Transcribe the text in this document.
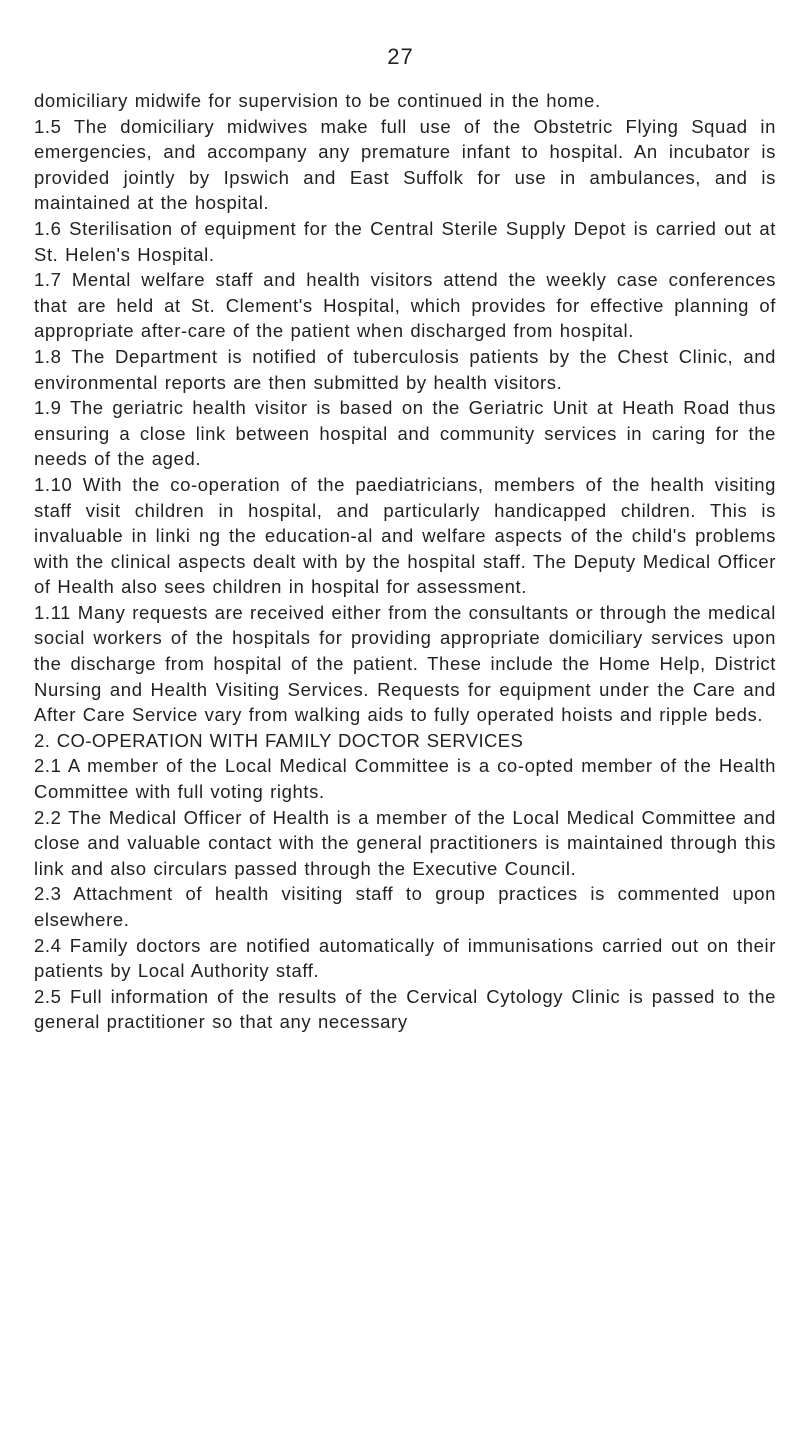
27

domiciliary midwife for supervision to be continued in the home.

1.5 The domiciliary midwives make full use of the Obstetric Flying Squad in emergencies, and accompany any premature infant to hospital. An incubator is provided jointly by Ipswich and East Suffolk for use in ambulances, and is maintained at the hospital.

1.6 Sterilisation of equipment for the Central Sterile Supply Depot is carried out at St. Helen's Hospital.

1.7 Mental welfare staff and health visitors attend the weekly case conferences that are held at St. Clement's Hospital, which provides for effective planning of appropriate after-care of the patient when discharged from hospital.

1.8 The Department is notified of tuberculosis patients by the Chest Clinic, and environmental reports are then submitted by health visitors.

1.9 The geriatric health visitor is based on the Geriatric Unit at Heath Road thus ensuring a close link between hospital and community services in caring for the needs of the aged.

1.10 With the co-operation of the paediatricians, members of the health visiting staff visit children in hospital, and particularly handicapped children. This is invaluable in linki ng the education-al and welfare aspects of the child's problems with the clinical aspects dealt with by the hospital staff. The Deputy Medical Officer of Health also sees children in hospital for assessment.

1.11 Many requests are received either from the consultants or through the medical social workers of the hospitals for providing appropriate domiciliary services upon the discharge from hospital of the patient. These include the Home Help, District Nursing and Health Visiting Services. Requests for equipment under the Care and After Care Service vary from walking aids to fully operated hoists and ripple beds.

2. CO-OPERATION WITH FAMILY DOCTOR SERVICES

2.1 A member of the Local Medical Committee is a co-opted member of the Health Committee with full voting rights.

2.2 The Medical Officer of Health is a member of the Local Medical Committee and close and valuable contact with the general practitioners is maintained through this link and also circulars passed through the Executive Council.

2.3 Attachment of health visiting staff to group practices is commented upon elsewhere.

2.4 Family doctors are notified automatically of immunisations carried out on their patients by Local Authority staff.

2.5 Full information of the results of the Cervical Cytology Clinic is passed to the general practitioner so that any necessary
